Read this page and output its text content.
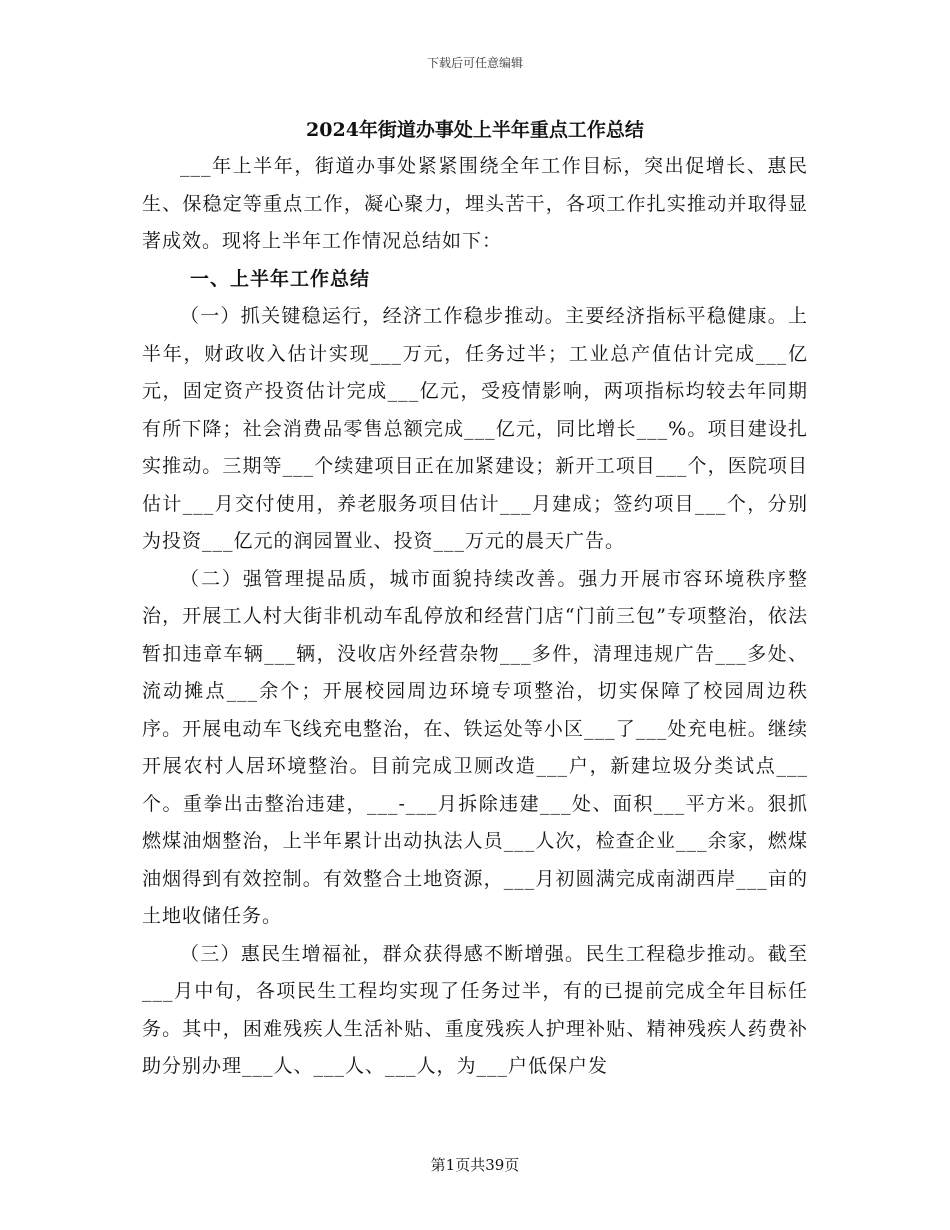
下载后可任意编辑
2024年街道办事处上半年重点工作总结

___年上半年，街道办事处紧紧围绕全年工作目标，突出促增长、惠民生、保稳定等重点工作，凝心聚力，埋头苦干，各项工作扎实推动并取得显著成效。现将上半年工作情况总结如下：

一、上半年工作总结

（一）抓关键稳运行，经济工作稳步推动。主要经济指标平稳健康。上半年，财政收入估计实现___万元，任务过半；工业总产值估计完成___亿元，固定资产投资估计完成___亿元，受疫情影响，两项指标均较去年同期有所下降；社会消费品零售总额完成___亿元，同比增长___%。项目建设扎实推动。三期等___个续建项目正在加紧建设；新开工项目___个，医院项目估计___月交付使用，养老服务项目估计___月建成；签约项目___个，分别为投资___亿元的润园置业、投资___万元的晨天广告。

（二）强管理提品质，城市面貌持续改善。强力开展市容环境秩序整治，开展工人村大街非机动车乱停放和经营门店“门前三包”专项整治，依法暂扣违章车辆___辆，没收店外经营杂物___多件，清理违规广告___多处、流动摊点___余个；开展校园周边环境专项整治，切实保障了校园周边秩序。开展电动车飞线充电整治，在、铁运处等小区___了___处充电桩。继续开展农村人居环境整治。目前完成卫厕改造___户，新建垃圾分类试点___个。重拳出击整治违建，___-___月拆除违建___处、面积___平方米。狠抓燃煤油烟整治，上半年累计出动执法人员___人次，检查企业___余家，燃煤油烟得到有效控制。有效整合土地资源，___月初圆满完成南湖西岸___亩的土地收储任务。

（三）惠民生增福祉，群众获得感不断增强。民生工程稳步推动。截至___月中旬，各项民生工程均实现了任务过半，有的已提前完成全年目标任务。其中，困难残疾人生活补贴、重度残疾人护理补贴、精神残疾人药费补助分别办理___人、___人、___人，为___户低保户发

第1页共39页
